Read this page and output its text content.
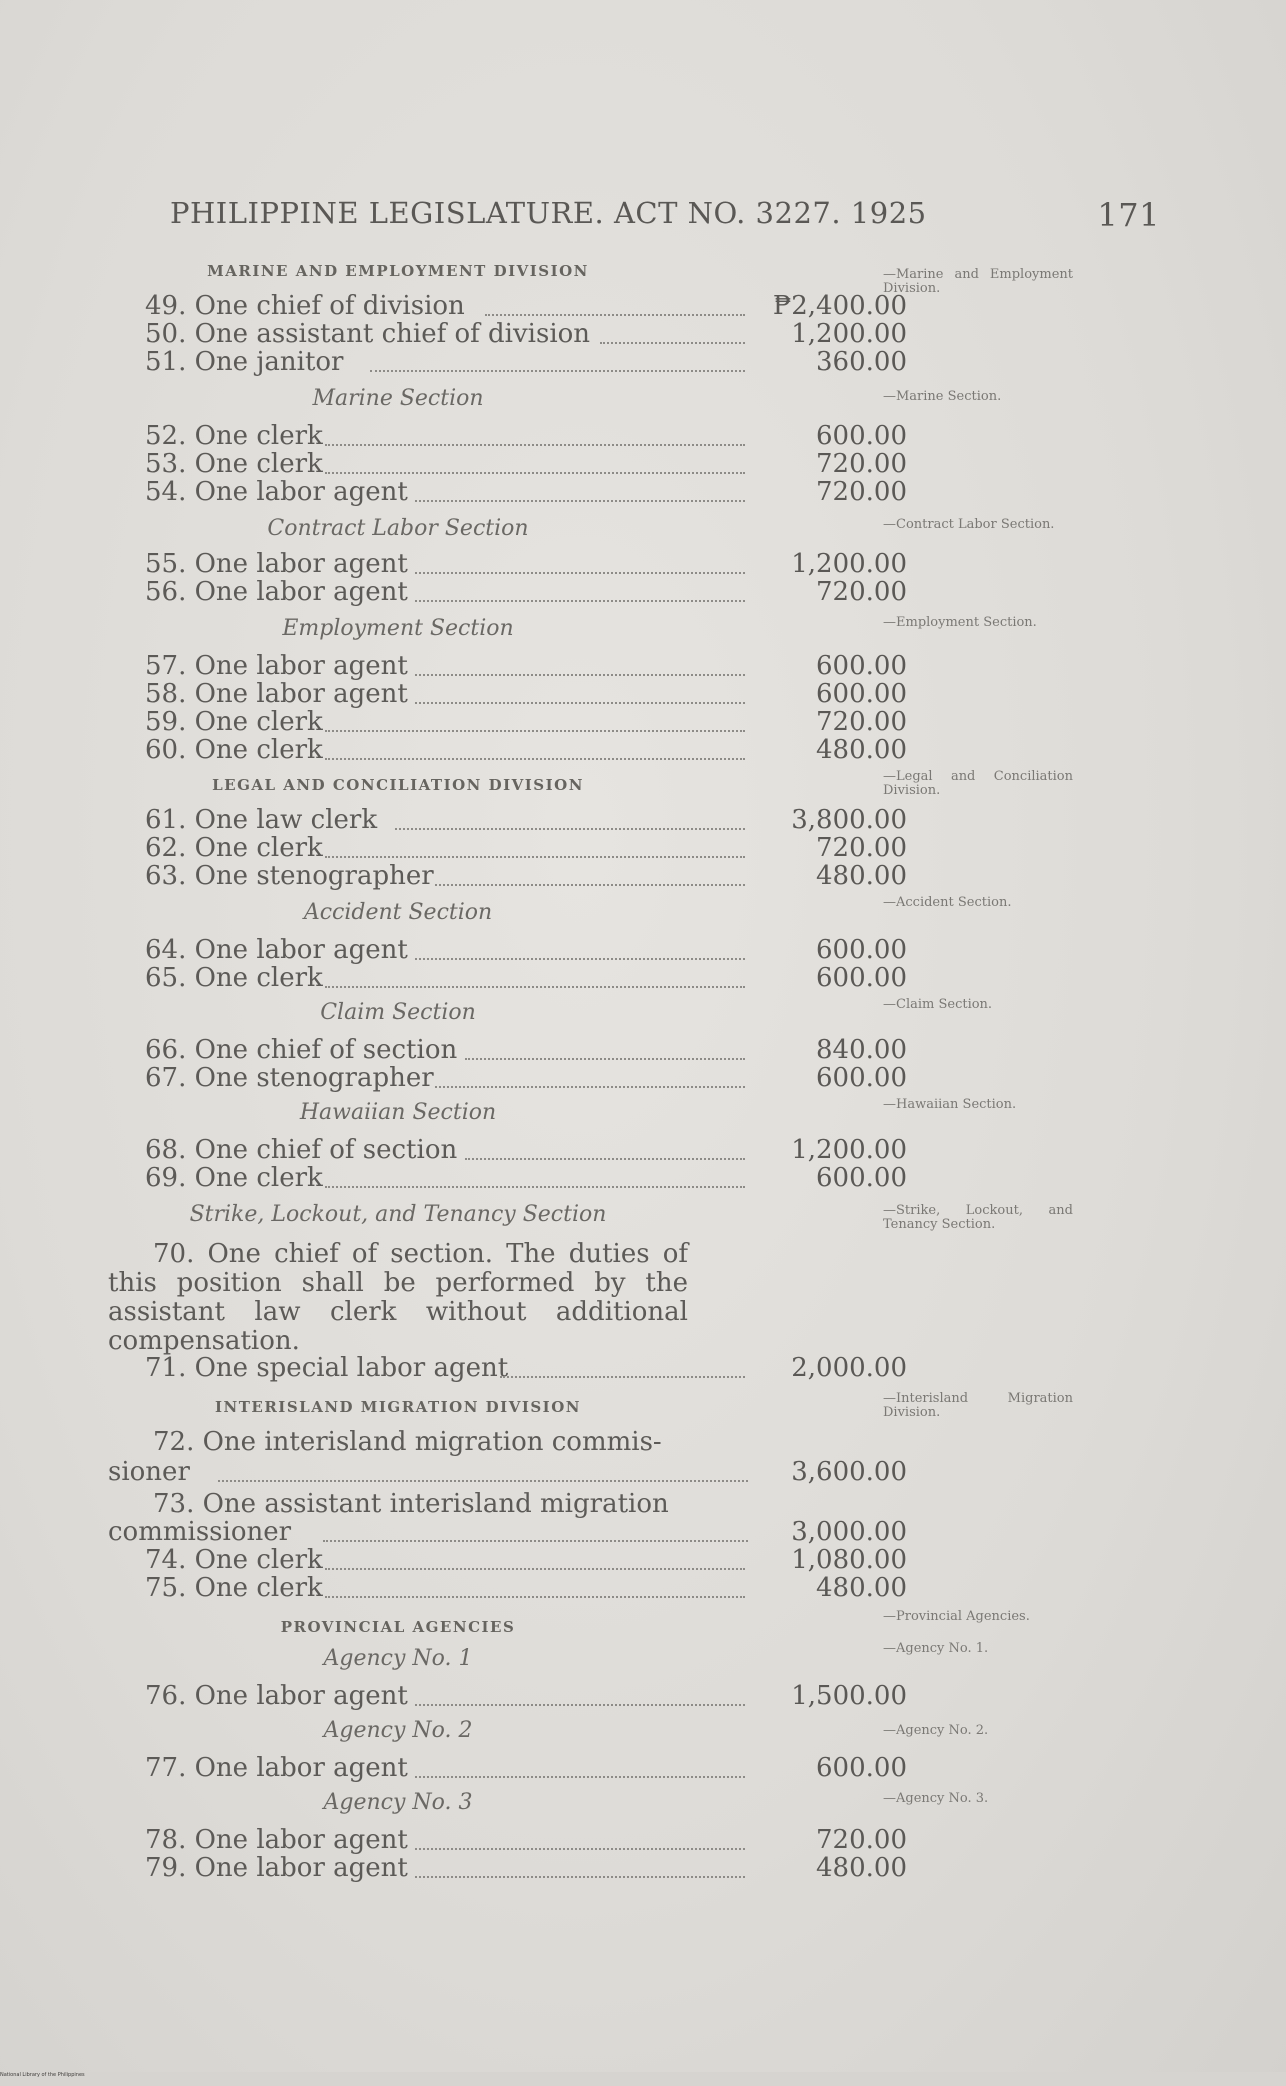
PHILIPPINE LEGISLATURE. ACT NO. 3227. 1925	171
MARINE AND EMPLOYMENT DIVISION
49. One chief of division	₱2,400.00
50. One assistant chief of division	1,200.00
51. One janitor	360.00
Marine Section
52. One clerk	600.00
53. One clerk	720.00
54. One labor agent	720.00
Contract Labor Section
55. One labor agent	1,200.00
56. One labor agent	720.00
Employment Section
57. One labor agent	600.00
58. One labor agent	600.00
59. One clerk	720.00
60. One clerk	480.00
LEGAL AND CONCILIATION DIVISION
61. One law clerk	3,800.00
62. One clerk	720.00
63. One stenographer	480.00
Accident Section
64. One labor agent	600.00
65. One clerk	600.00
Claim Section
66. One chief of section	840.00
67. One stenographer	600.00
Hawaiian Section
68. One chief of section	1,200.00
69. One clerk	600.00
Strike, Lockout, and Tenancy Section
70. One chief of section. The duties of this position shall be performed by the assistant law clerk without additional compensation.
71. One special labor agent	2,000.00
INTERISLAND MIGRATION DIVISION
72. One interisland migration commis-
sioner	3,600.00
73. One assistant interisland migration
commissioner	3,000.00
74. One clerk	1,080.00
75. One clerk	480.00
PROVINCIAL AGENCIES
Agency No. 1
76. One labor agent	1,500.00
Agency No. 2
77. One labor agent	600.00
Agency No. 3
78. One labor agent	720.00
79. One labor agent	480.00
—Marine and Employment Division.
—Marine Section.
—Contract Labor Section.
—Employment Section.
—Legal and Conciliation Division.
—Accident Section.
—Claim Section.
—Hawaiian Section.
—Strike, Lockout, and Tenancy Section.
—Interisland Migration Division.
—Provincial Agencies.
—Agency No. 1.
—Agency No. 2.
—Agency No. 3.
National Library of the Philippines
